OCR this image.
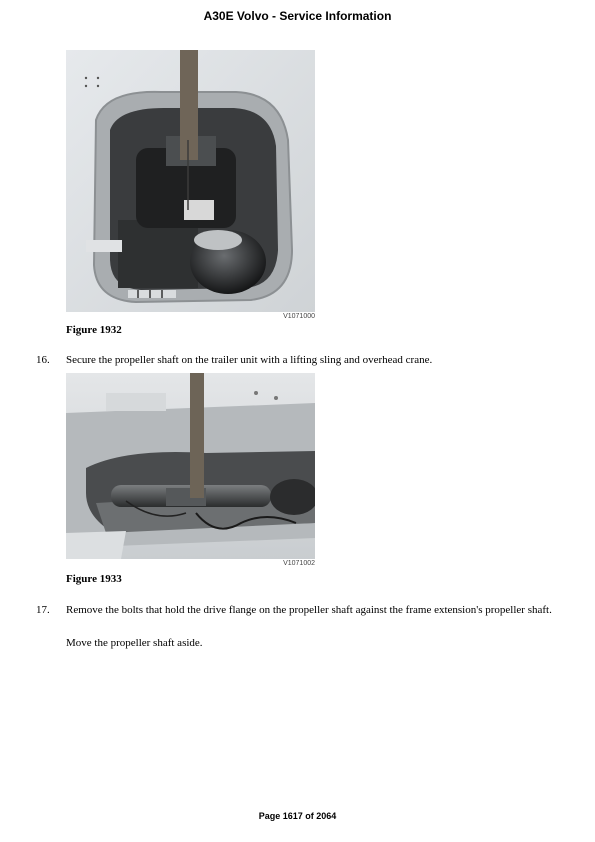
A30E Volvo - Service Information
V1071000
Figure 1932
16.	Secure the propeller shaft on the trailer unit with a lifting sling and overhead crane.
V1071002
Figure 1933
17.	Remove the bolts that hold the drive flange on the propeller shaft against the frame extension's propeller shaft.
Move the propeller shaft aside.
Page 1617 of 2064
